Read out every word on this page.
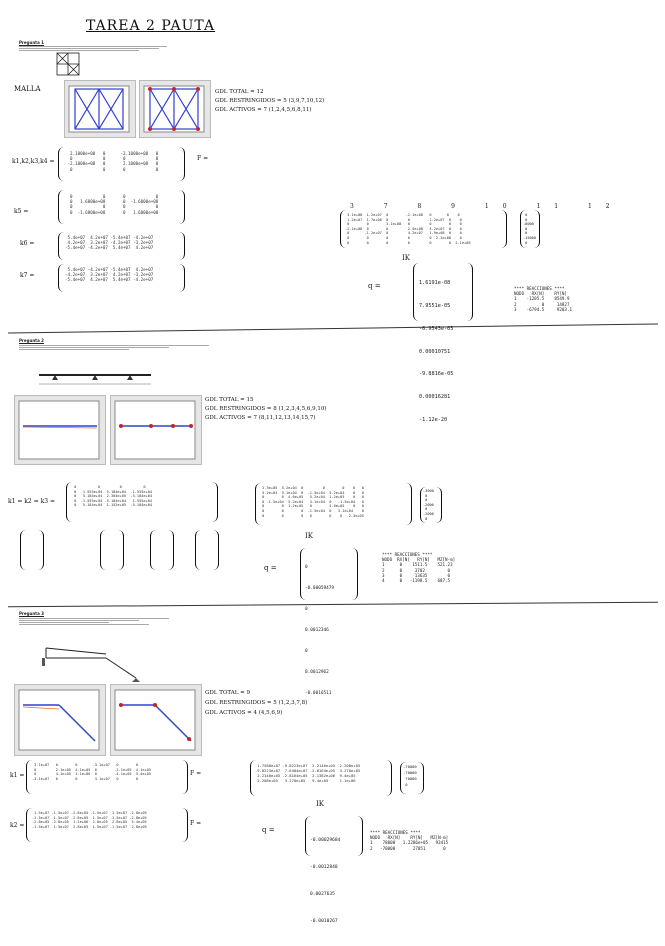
TAREA 2 PAUTA
Pregunta 1
MALLA	GDL TOTAL = 12
GDL RESTRINGIDOS = 5 (3,9,7,10,12)
GDL ACTIVOS = 7 (1,2,4,5,6,8,11)
k1,k2,k3,k4 =
2.1000e+08   0      -2.1000e+08   0
0            0       0            0
-2.1000e+08   0       2.1000e+08   0
0            0       0            0
F =
k5 =
0            0       0            0
0   1.6800e+08       0  -1.6800e+08
0            0       0            0
0  -1.6800e+08       0   1.6800e+08
k6 =
5.4e+07  4.2e+07 -5.4e+07 -4.2e+07
4.2e+07  3.2e+07 -4.2e+07 -3.2e+07
-5.4e+07 -4.2e+07  5.4e+07  4.2e+07
k7 =
5.4e+07 -4.2e+07 -5.4e+07  4.2e+07
-4.2e+07  3.2e+07  4.2e+07 -3.2e+07
-5.4e+07  4.2e+07  5.4e+07 -4.2e+07
3 7 8 9 10 11 12
3.1e+08  1.2e+07  0        -2.1e+08   0       0    0
1.2e+07  1.7e+08  0         0        -1.2e+07  0    0
0        0        3.1e+08   0         0        0    0
-2.1e+08  0        0         2.5e+08   4.2e+07  0    0
0       -1.2e+07  0         4.2e+07   1.9e+08  0    0
0        0        0         0         0  2.1e+08    0
0        0        0         0         0        0  2.1e+08
IK
0
0
-8000
0
0
-15000
0
q =

	1.6191e-08

7.9551e-05

-6.9543e-05

0.00010751

-9.8816e-05

0.00016281

-1.12e-20

**** REACCIONES ****
NODO   RX[N]    RY[N]
1    -1205.5    8549.9
2          0     14827
3    -6794.5     9203.1
Pregunta 2
GDL TOTAL = 15
GDL RESTRINGIDOS = 8 (1,2,3,4,5,6,9,10)
GDL ACTIVOS = 7 (8,11,12,13,14,15,7)
k1 = k2 = k3 =
0          0         0          0
0   1.555e+04  5.184e+04  -1.555e+04
0   5.184e+04  2.304e+05  -5.184e+04
0  -1.555e+04 -5.184e+04   1.555e+04
0   5.184e+04  1.152e+05  -5.184e+04
2.3e+05  5.2e+04  0         0        0    0   0
5.2e+04  3.1e+04  0  -1.5e+04  5.2e+04    0   0
0        0  4.6e+05   5.2e+04  1.2e+05    0   0
0 -1.5e+04  5.2e+04   3.1e+04  0   -1.5e+04   0
0        0  1.2e+05   0        4.6e+05    0   0
0        0        0  -1.5e+04  0   3.1e+04    0
0        0        0   0        0    0   2.3e+05
IK
-3600
0
0
-2000
0
-2000
0
q =

	0

-0.00059479

0

0.0012346

0

0.0012962

-0.0016511

**** REACCIONES ****
NODO  RX[N]   RY[N]   MZ[N-m]
1      0    1511.5    521.23
2      0     3702         0
3      0     13635        0
4      0   -1198.5    687.5
Pregunta 3
GDL TOTAL = 9
GDL RESTRINGIDOS = 5 (1,2,3,7,8)
GDL ACTIVOS = 4 (4,5,6,9)
k1 =
3.1e+07   0        0       -3.1e+07   0        0
0         2.1e+05  4.1e+05  0        -2.1e+05  4.1e+05
0         4.1e+05  1.1e+06  0        -4.1e+05  5.4e+05
-3.1e+07   0        0        3.1e+07   0        0
F =
k2 =
1.5e+07 -1.5e+07 -2.8e+05 -1.5e+07  1.5e+07 -2.8e+05
-1.5e+07  1.5e+07 -2.8e+05  1.5e+07 -1.5e+07 -2.8e+05
-2.8e+05 -2.8e+05  1.1e+06  2.8e+05  2.8e+05  5.4e+05
-1.5e+07  1.5e+07  2.8e+05  1.5e+07 -1.5e+07  2.8e+05	F =
1.7588e+07 -9.8223e+07  2.2146e+05  2.208e+05
-9.8223e+07  7.6404e+07 -2.8164e+05  3.270e+05
2.2146e+05 -2.8164e+05  2.1382e+06  9.4e+05
2.208e+05   3.270e+05   9.4e+05     1.1e+06
IK
-70000
-70000
70000
0
q =

-0.00029684

-0.0012848

0.0027635

-0.0010267

**** REACCIONES ****
NODO   RX[N]    RY[N]   MZ[N-m]
1    78000   1.2286e+05   93415
2   -70000       27051       0
